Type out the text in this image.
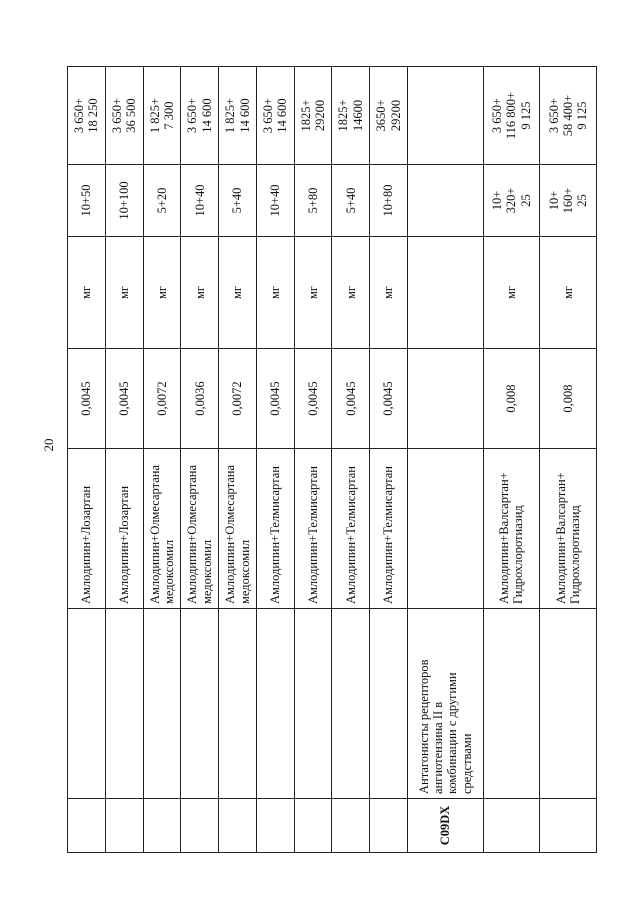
20
		Амлодипин+Лозартан	0,0045	мг	10+50	3 650+
18 250
		Амлодипин+Лозартан	0,0045	мг	10+100	3 650+
36 500
		Амлодипин+Олмесартана
медоксомил	0,0072	мг	5+20	1 825+
7 300
		Амлодипин+Олмесартана
медоксомил	0,0036	мг	10+40	3 650+
14 600
		Амлодипин+Олмесартана
медоксомил	0,0072	мг	5+40	1 825+
14 600
		Амлодипин+Телмисартан	0,0045	мг	10+40	3 650+
14 600
		Амлодипин+Телмисартан	0,0045	мг	5+80	1825+
29200
		Амлодипин+Телмисартан	0,0045	мг	5+40	1825+
14600
		Амлодипин+Телмисартан	0,0045	мг	10+80	3650+
29200
C09DX	Антагонисты рецепторов
ангиотензина II в
комбинации с другими
средствами					
		Амлодипин+Валсартан+
Гидрохлоротиазид	0,008	мг	10+
320+
25	3 650+
116 800+
9 125
		Амлодипин+Валсартан+
Гидрохлоротиазид	0,008	мг	10+
160+
25	3 650+
58 400+
9 125
